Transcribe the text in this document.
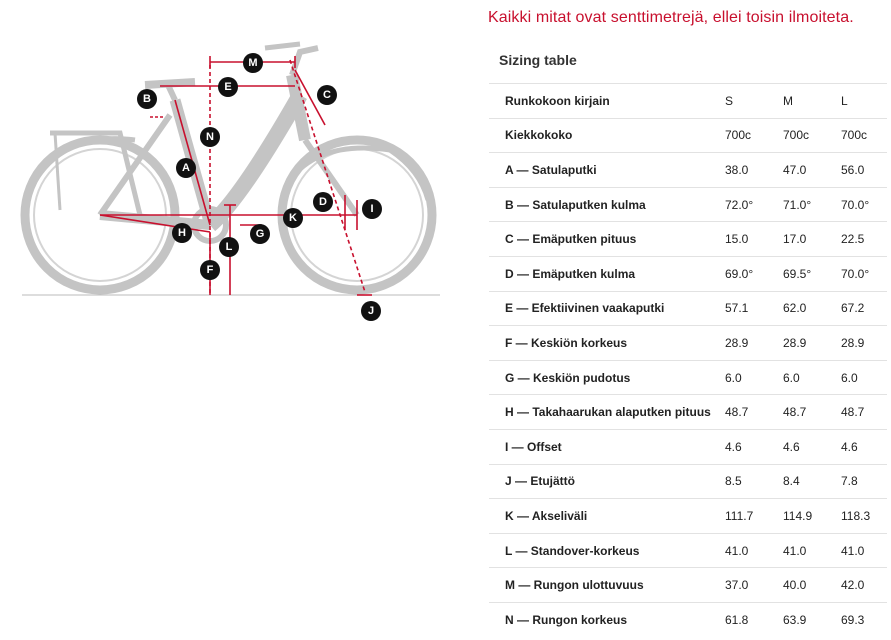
A
B	C
D
E
F
G
H
I
J
K
L
M
N
Kaikki mitat ovat senttimetrejä, ellei toisin ilmoiteta.
Sizing table
Runkokoon kirjain	S	M	L
Kiekkokoko	700c	700c	700c
A — Satulaputki	38.0	47.0	56.0
B — Satulaputken kulma	72.0°	71.0°	70.0°
C — Emäputken pituus	15.0	17.0	22.5
D — Emäputken kulma	69.0°	69.5°	70.0°
E — Efektiivinen vaakaputki	57.1	62.0	67.2
F — Keskiön korkeus	28.9	28.9	28.9
G — Keskiön pudotus	6.0	6.0	6.0
H — Takahaarukan alaputken pituus	48.7	48.7	48.7
I — Offset	4.6	4.6	4.6
J — Etujättö	8.5	8.4	7.8
K — Akseliväli	111.7	114.9	118.3
L — Standover-korkeus	41.0	41.0	41.0
M — Rungon ulottuvuus	37.0	40.0	42.0
N — Rungon korkeus	61.8	63.9	69.3
